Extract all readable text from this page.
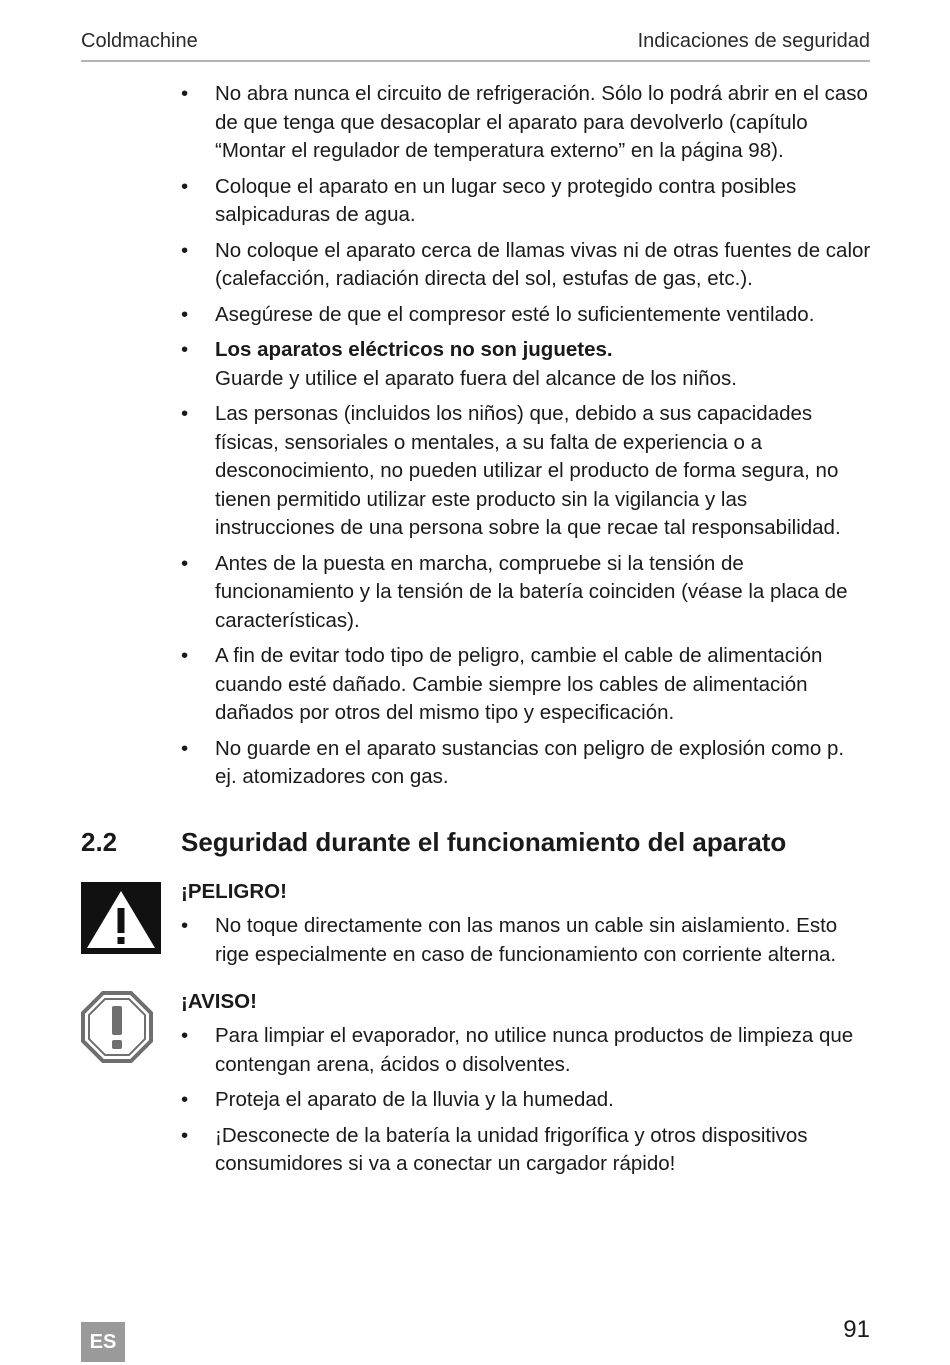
Coldmachine	Indicaciones de seguridad
• No abra nunca el circuito de refrigeración. Sólo lo podrá abrir en el caso de que tenga que desacoplar el aparato para devolverlo (capítulo “Montar el regulador de temperatura externo” en la página 98).
• Coloque el aparato en un lugar seco y protegido contra posibles salpicaduras de agua.
• No coloque el aparato cerca de llamas vivas ni de otras fuentes de calor (calefacción, radiación directa del sol, estufas de gas, etc.).
• Asegúrese de que el compresor esté lo suficientemente ventilado.
• Los aparatos eléctricos no son juguetes.
Guarde y utilice el aparato fuera del alcance de los niños.
• Las personas (incluidos los niños) que, debido a sus capacidades físicas, sensoriales o mentales, a su falta de experiencia o a desconocimiento, no pueden utilizar el producto de forma segura, no tienen permitido utilizar este producto sin la vigilancia y las instrucciones de una persona sobre la que recae tal responsabilidad.
• Antes de la puesta en marcha, compruebe si la tensión de funcionamiento y la tensión de la batería coinciden (véase la placa de características).
• A fin de evitar todo tipo de peligro, cambie el cable de alimentación cuando esté dañado. Cambie siempre los cables de alimentación dañados por otros del mismo tipo y especificación.
• No guarde en el aparato sustancias con peligro de explosión como p. ej. atomizadores con gas.
2.2 Seguridad durante el funcionamiento del aparato
¡PELIGRO!
• No toque directamente con las manos un cable sin aislamiento. Esto rige especialmente en caso de funcionamiento con corriente alterna.
¡AVISO!
• Para limpiar el evaporador, no utilice nunca productos de limpieza que contengan arena, ácidos o disolventes.
• Proteja el aparato de la lluvia y la humedad.
• ¡Desconecte de la batería la unidad frigorífica y otros dispositivos consumidores si va a conectar un cargador rápido!
ES	91
